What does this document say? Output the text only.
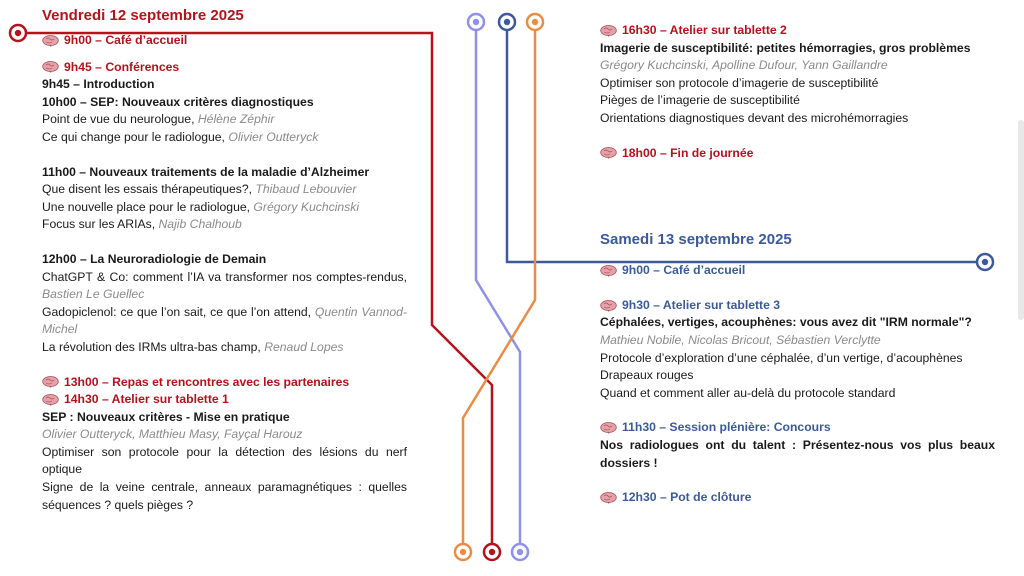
Vendredi 12 septembre 2025
9h00 – Café d’accueil
9h45 – Conférences
9h45 – Introduction
10h00 – SEP: Nouveaux critères diagnostiques
Point de vue du neurologue, Hélène Zéphir
Ce qui change pour le radiologue, Olivier Outteryck
11h00 – Nouveaux traitements de la maladie d’Alzheimer
Que disent les essais thérapeutiques?, Thibaud Lebouvier
Une nouvelle place pour le radiologue, Grégory Kuchcinski
Focus sur les ARIAs, Najib Chalhoub
12h00 – La Neuroradiologie de Demain
ChatGPT & Co: comment l’IA va transformer nos comptes-rendus, Bastien Le Guellec
Gadopiclenol: ce que l’on sait, ce que l’on attend, Quentin Vannod-Michel
La révolution des IRMs ultra-bas champ, Renaud Lopes
13h00 – Repas et rencontres avec les partenaires
14h30 – Atelier sur tablette 1
SEP : Nouveaux critères - Mise en pratique
Olivier Outteryck, Matthieu Masy, Fayçal Harouz
Optimiser son protocole pour la détection des lésions du nerf optique
Signe de la veine centrale, anneaux paramagnétiques : quelles séquences ? quels pièges ?
16h30 – Atelier sur tablette 2
Imagerie de susceptibilité: petites hémorragies, gros problèmes
Grégory Kuchcinski, Apolline Dufour, Yann Gaillandre
Optimiser son protocole d’imagerie de susceptibilité
Pièges de l’imagerie de susceptibilité
Orientations diagnostiques devant des microhémorragies
18h00 – Fin de journée
Samedi 13 septembre 2025
9h00 – Café d’accueil
9h30 – Atelier sur tablette 3
Céphalées, vertiges, acouphènes: vous avez dit "IRM normale"?
Mathieu Nobile, Nicolas Bricout, Sébastien Verclytte
Protocole d’exploration d’une céphalée, d’un vertige, d’acouphènes
Drapeaux rouges
Quand et comment aller au-delà du protocole standard
11h30 – Session plénière: Concours
Nos radiologues ont du talent : Présentez-nous vos plus beaux dossiers !
12h30 – Pot de clôture
